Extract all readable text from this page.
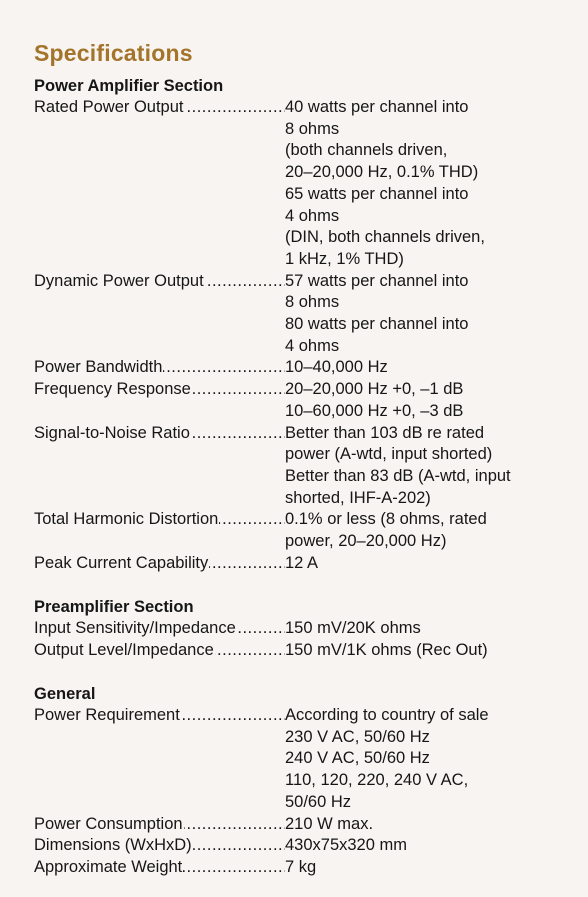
Specifications
Power Amplifier Section
Rated Power Output .....	40 watts per channel into
8 ohms
(both channels driven,
20–20,000 Hz, 0.1% THD)
65 watts per channel into
4 ohms
(DIN, both channels driven,
1 kHz, 1% THD)
Dynamic Power Output .....	57 watts per channel into
8 ohms
80 watts per channel into
4 ohms
Power Bandwidth .....	10–40,000 Hz
Frequency Response .....	20–20,000 Hz +0, –1 dB
10–60,000 Hz +0, –3 dB
Signal-to-Noise Ratio .....	Better than 103 dB re rated
power (A-wtd, input shorted)
Better than 83 dB (A-wtd, input
shorted, IHF-A-202)
Total Harmonic Distortion .....	0.1% or less (8 ohms, rated
power, 20–20,000 Hz)
Peak Current Capability .....	12 A
Preamplifier Section
Input Sensitivity/Impedance .....	150 mV/20K ohms
Output Level/Impedance .....	150 mV/1K ohms (Rec Out)
General
Power Requirement .....	According to country of sale
230 V AC, 50/60 Hz
240 V AC, 50/60 Hz
110, 120, 220, 240 V AC,
50/60 Hz
Power Consumption .....	210 W max.
Dimensions (WxHxD) .....	430x75x320 mm
Approximate Weight .....	7 kg
